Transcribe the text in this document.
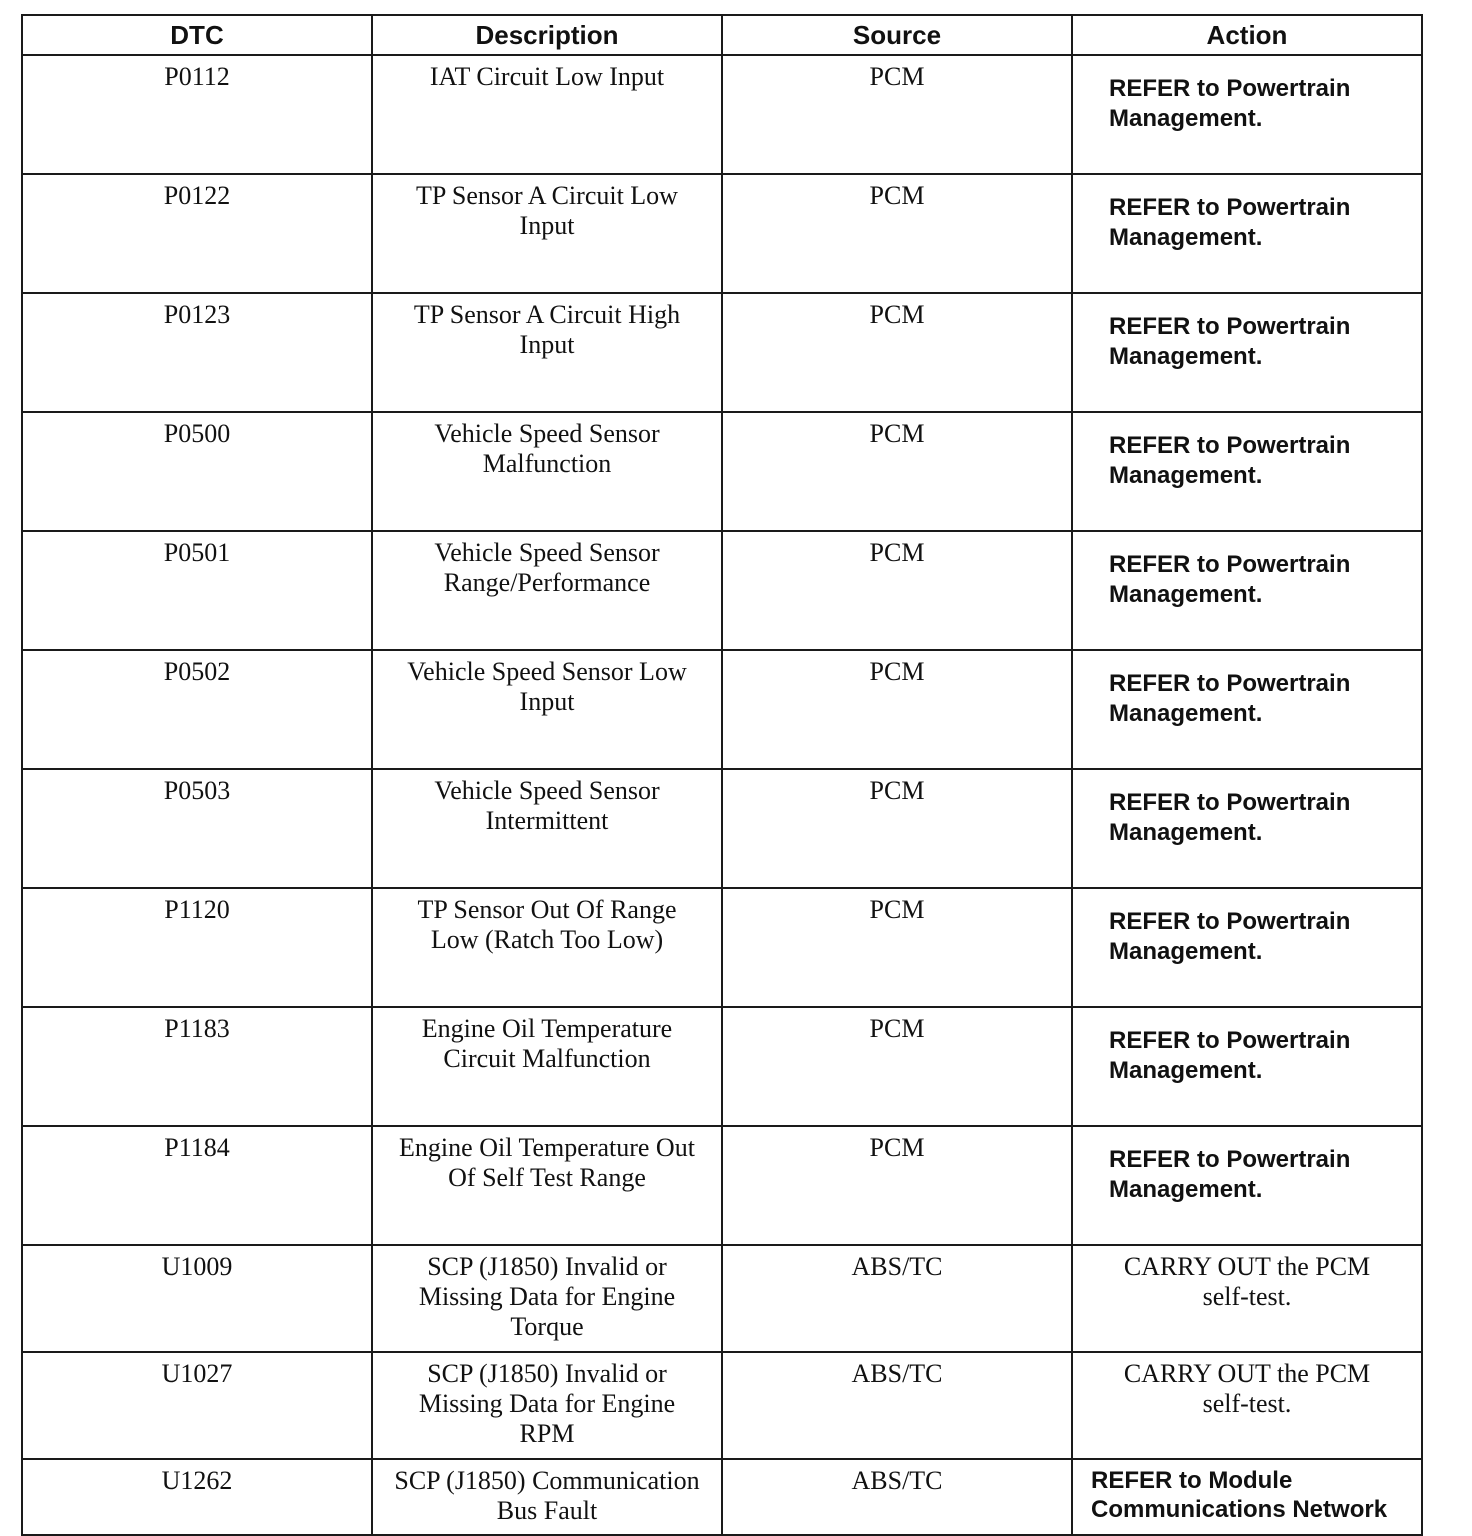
DTC	Description	Source	Action
P0112	IAT Circuit Low Input	PCM	REFER to Powertrain
Management.

P0122	TP Sensor A Circuit Low
Input	PCM	REFER to Powertrain
Management.

P0123	TP Sensor A Circuit High
Input	PCM	REFER to Powertrain
Management.

P0500	Vehicle Speed Sensor
Malfunction	PCM	REFER to Powertrain
Management.

P0501	Vehicle Speed Sensor
Range/Performance	PCM	REFER to Powertrain
Management.

P0502	Vehicle Speed Sensor Low
Input	PCM	REFER to Powertrain
Management.

P0503	Vehicle Speed Sensor
Intermittent	PCM	REFER to Powertrain
Management.

P1120	TP Sensor Out Of Range
Low (Ratch Too Low)	PCM	REFER to Powertrain
Management.

P1183	Engine Oil Temperature
Circuit Malfunction	PCM	REFER to Powertrain
Management.

P1184	Engine Oil Temperature Out
Of Self Test Range	PCM	REFER to Powertrain
Management.

U1009	SCP (J1850) Invalid or
Missing Data for Engine
Torque	ABS/TC	CARRY OUT the PCM
self-test.

U1027	SCP (J1850) Invalid or
Missing Data for Engine
RPM	ABS/TC	CARRY OUT the PCM
self-test.

U1262	SCP (J1850) Communication
Bus Fault	ABS/TC	REFER to Module
Communications Network
